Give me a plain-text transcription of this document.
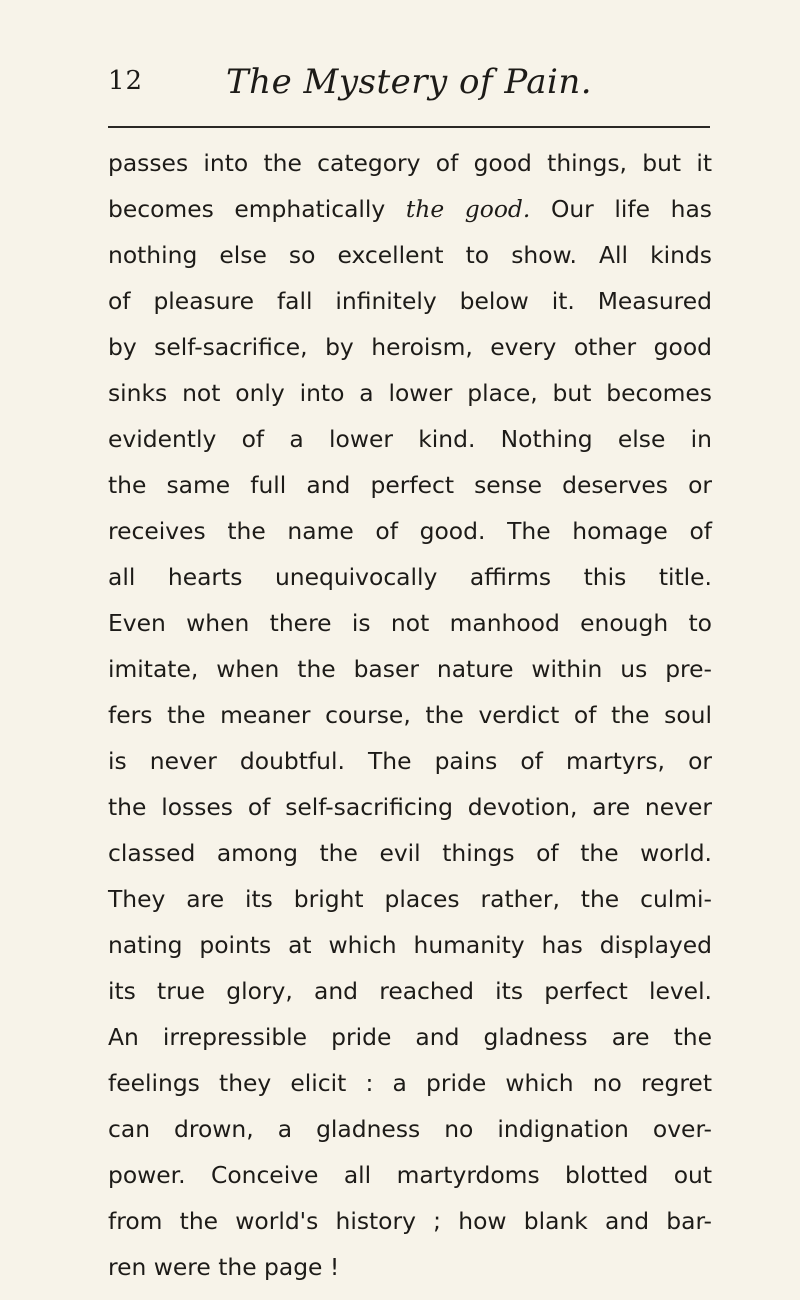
12 The Mystery of Pain.
passes into the category of good things, but it
becomes emphatically the good. Our life has
nothing else so excellent to show. All kinds
of pleasure fall infinitely below it. Measured
by self-sacrifice, by heroism, every other good
sinks not only into a lower place, but becomes
evidently of a lower kind. Nothing else in
the same full and perfect sense deserves or
receives the name of good. The homage of
all hearts unequivocally affirms this title.
Even when there is not manhood enough to
imitate, when the baser nature within us pre-
fers the meaner course, the verdict of the soul
is never doubtful. The pains of martyrs, or
the losses of self-sacrificing devotion, are never
classed among the evil things of the world.
They are its bright places rather, the culmi-
nating points at which humanity has displayed
its true glory, and reached its perfect level.
An irrepressible pride and gladness are the
feelings they elicit : a pride which no regret
can drown, a gladness no indignation over-
power. Conceive all martyrdoms blotted out
from the world's history ; how blank and bar-
ren were the page !
